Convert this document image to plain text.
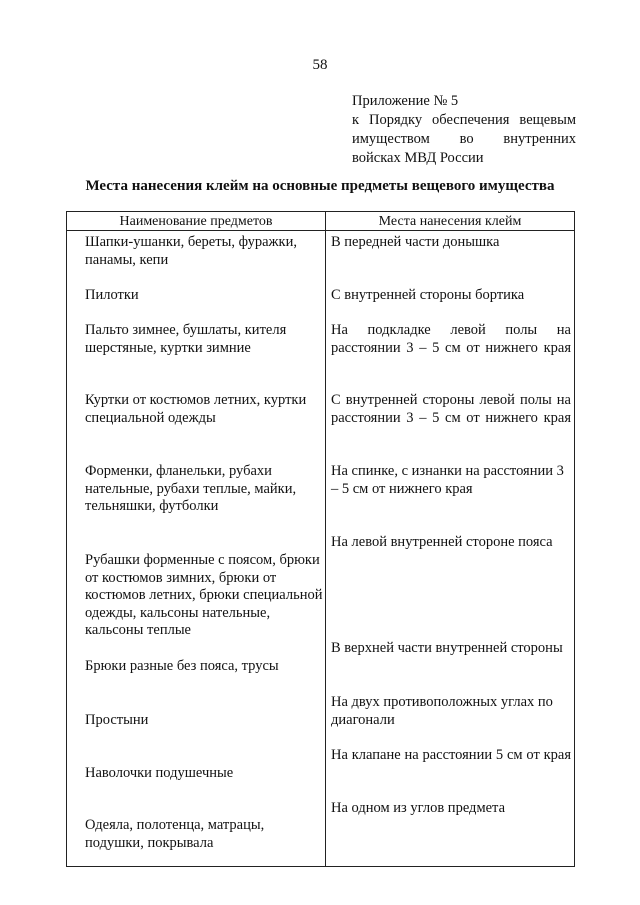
58
Приложение № 5
к Порядку обеспечения вещевым
имуществом во внутренних
войсках МВД России
Места нанесения клейм на основные предметы вещевого имущества
Наименование предметов	Места нанесения клейм
Шапки-ушанки, береты, фуражки, панамы, кепи
Пилотки
Пальто зимнее, бушлаты, кителя шерстяные, куртки зимние
Куртки от костюмов летних, куртки специальной одежды
Форменки, фланельки, рубахи нательные, рубахи теплые, майки, тельняшки, футболки
Рубашки форменные с поясом, брюки от костюмов зимних, брюки от костюмов летних, брюки специальной одежды, кальсоны нательные, кальсоны теплые
Брюки разные без пояса, трусы
Простыни
Наволочки подушечные
Одеяла, полотенца, матрацы, подушки, покрывала
В передней части донышка
С внутренней стороны бортика
На подкладке левой полы на расстоянии 3 – 5 см от нижнего края
С внутренней стороны левой полы на расстоянии 3 – 5 см от нижнего края
На спинке, с изнанки на расстоянии 3 – 5 см от нижнего края
На левой внутренней стороне пояса
В верхней части внутренней стороны
На двух противоположных углах по диагонали
На клапане на расстоянии 5 см от края
На одном из углов предмета
